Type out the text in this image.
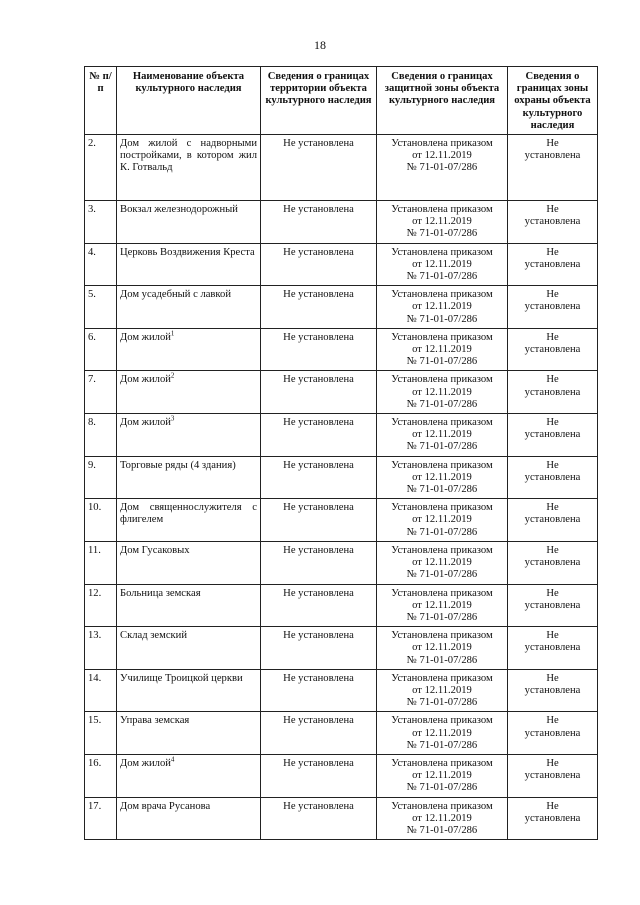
18
№ п/п	Наименование объекта культурного наследия	Сведения о границах территории объекта культурного наследия	Сведения о границах защитной зоны объекта культурного наследия	Сведения о границах зоны охраны объекта культурного наследия
2.	Дом жилой с надворными постройками, в котором жил К. Готвальд	Не установлена	Установлена приказом
от 12.11.2019
№ 71-01-07/286	Не
установлена

3.	Вокзал железнодорожный	Не установлена	Установлена приказом
от 12.11.2019
№ 71-01-07/286	Не
установлена

4.	Церковь Воздвижения Креста	Не установлена	Установлена приказом
от 12.11.2019
№ 71-01-07/286	Не
установлена

5.	Дом усадебный с лавкой	Не установлена	Установлена приказом
от 12.11.2019
№ 71-01-07/286	Не
установлена

6.	Дом жилой$^1$	Не установлена	Установлена приказом
от 12.11.2019
№ 71-01-07/286	Не
установлена

7.	Дом жилой$^2$	Не установлена	Установлена приказом
от 12.11.2019
№ 71-01-07/286	Не
установлена

8.	Дом жилой$^3$	Не установлена	Установлена приказом
от 12.11.2019
№ 71-01-07/286	Не
установлена

9.	Торговые ряды (4 здания)	Не установлена	Установлена приказом
от 12.11.2019
№ 71-01-07/286	Не
установлена

10.	Дом священнослужителя с флигелем	Не установлена	Установлена приказом
от 12.11.2019
№ 71-01-07/286	Не
установлена

11.	Дом Гусаковых	Не установлена	Установлена приказом
от 12.11.2019
№ 71-01-07/286	Не
установлена

12.	Больница земская	Не установлена	Установлена приказом
от 12.11.2019
№ 71-01-07/286	Не
установлена

13.	Склад земский	Не установлена	Установлена приказом
от 12.11.2019
№ 71-01-07/286	Не
установлена

14.	Училище Троицкой церкви	Не установлена	Установлена приказом
от 12.11.2019
№ 71-01-07/286	Не
установлена

15.	Управа земская	Не установлена	Установлена приказом
от 12.11.2019
№ 71-01-07/286	Не
установлена

16.	Дом жилой$^4$	Не установлена	Установлена приказом
от 12.11.2019
№ 71-01-07/286	Не
установлена

17.	Дом врача Русанова	Не установлена	Установлена приказом
от 12.11.2019
№ 71-01-07/286	Не
установлена
